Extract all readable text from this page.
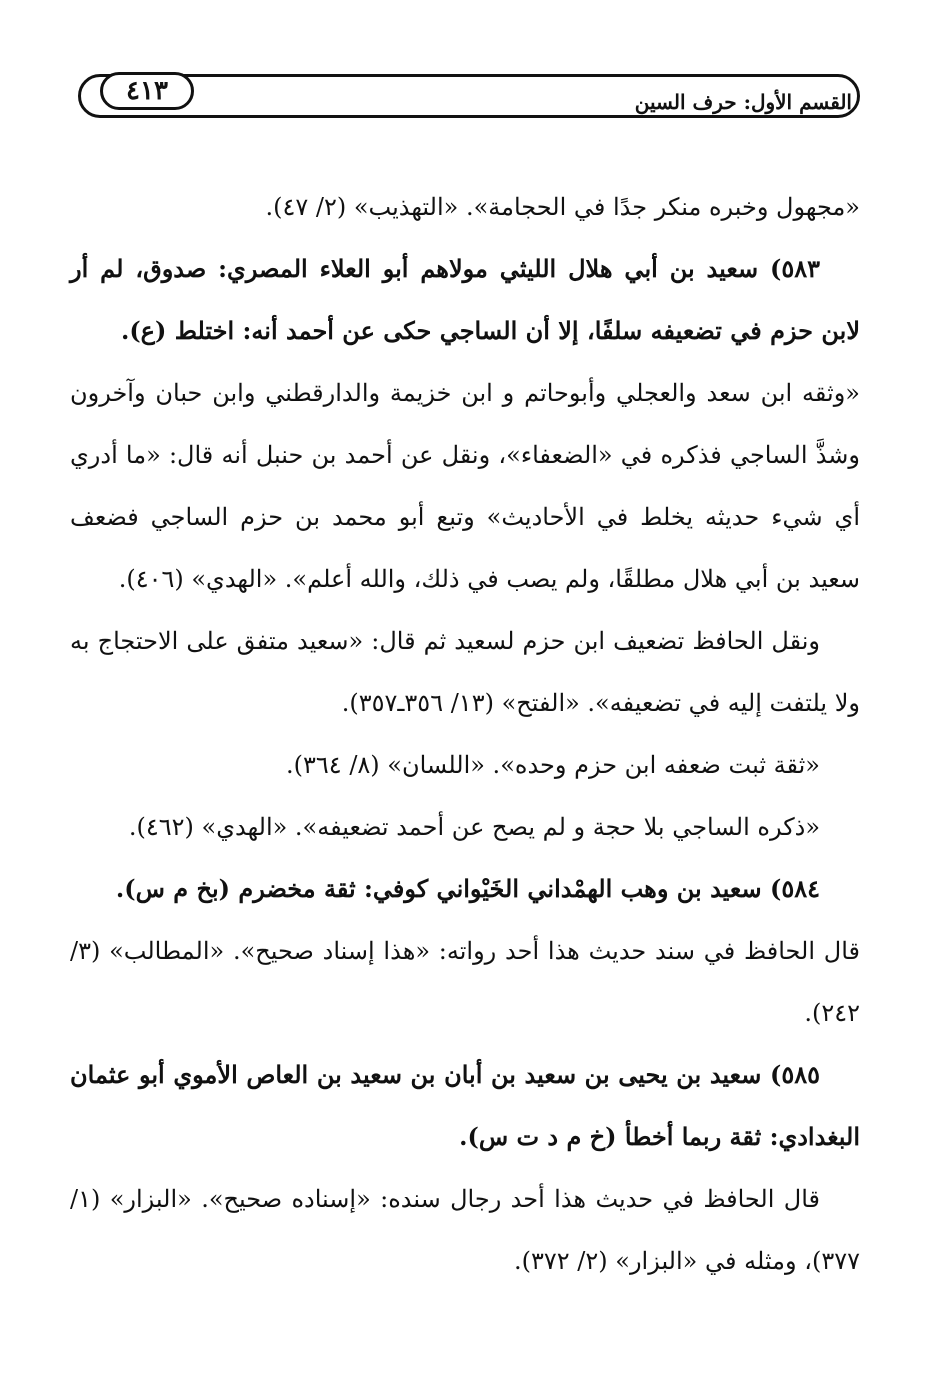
٤١٣	القسم الأول: حرف السين

«مجهول وخبره منكر جدًا في الحجامة». «التهذيب» (٢/ ٤٧).

٥٨٣) سعيد بن أبي هلال الليثي مولاهم أبو العلاء المصري: صدوق، لم أر لابن حزم في تضعيفه سلفًا، إلا أن الساجي حكى عن أحمد أنه: اختلط (ع).

«وثقه ابن سعد والعجلي وأبوحاتم و ابن خزيمة والدارقطني وابن حبان وآخرون وشذَّ الساجي فذكره في «الضعفاء»، ونقل عن أحمد بن حنبل أنه قال: «ما أدري أي شيء حديثه يخلط في الأحاديث» وتبع أبو محمد بن حزم الساجي فضعف سعيد بن أبي هلال مطلقًا، ولم يصب في ذلك، والله أعلم». «الهدي» (٤٠٦).

ونقل الحافظ تضعيف ابن حزم لسعيد ثم قال: «سعيد متفق على الاحتجاج به ولا يلتفت إليه في تضعيفه». «الفتح» (١٣/ ٣٥٦ـ٣٥٧).

«ثقة ثبت ضعفه ابن حزم وحده». «اللسان» (٨/ ٣٦٤).

«ذكره الساجي بلا حجة و لم يصح عن أحمد تضعيفه». «الهدي» (٤٦٢).

٥٨٤) سعيد بن وهب الهمْداني الخَيْواني كوفي: ثقة مخضرم (بخ م س).

قال الحافظ في سند حديث هذا أحد رواته: «هذا إسناد صحيح». «المطالب» (٣/ ٢٤٢).

٥٨٥) سعيد بن يحيى بن سعيد بن أبان بن سعيد بن العاص الأموي أبو عثمان البغدادي: ثقة ربما أخطأ (خ م د ت س).

قال الحافظ في حديث هذا أحد رجال سنده: «إسناده صحيح». «البزار» (١/ ٣٧٧)، ومثله في «البزار» (٢/ ٣٧٢).
